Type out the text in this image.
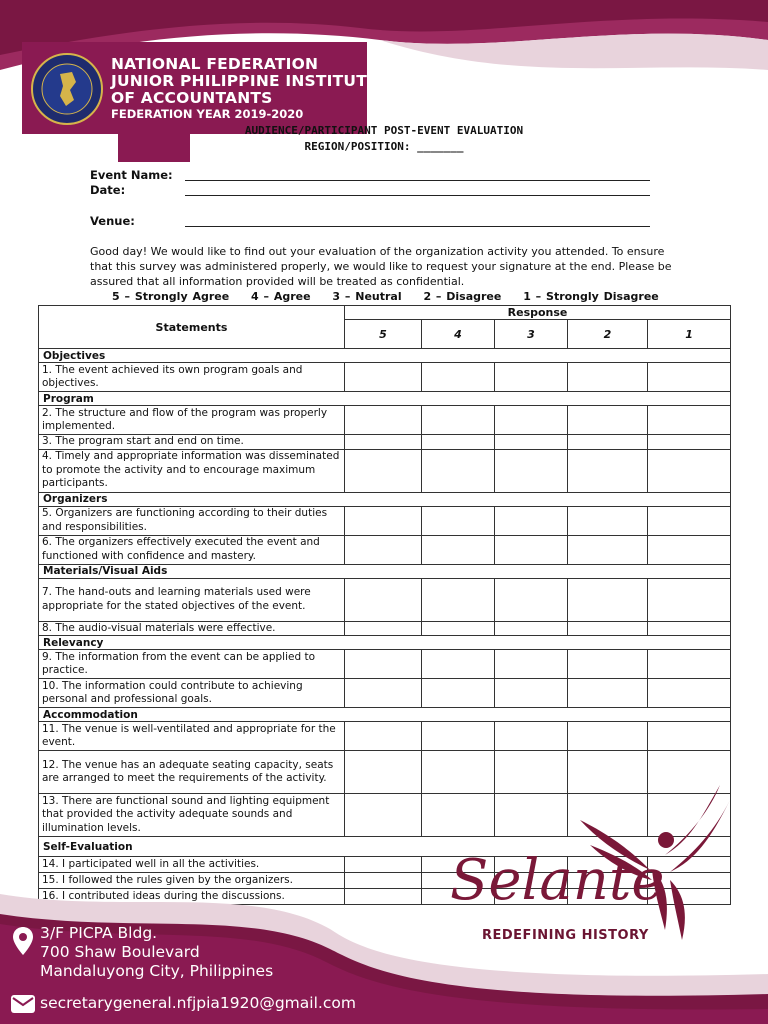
NATIONAL FEDERATION
JUNIOR PHILIPPINE INSTITUTE
OF ACCOUNTANTS
FEDERATION YEAR 2019-2020
AUDIENCE/PARTICIPANT POST-EVENT EVALUATION
REGION/POSITION: _______
Event Name:
Date:
Venue:
Good day! We would like to find out your evaluation of the organization activity you attended. To ensure that this survey was administered properly, we would like to request your signature at the end. Please be assured that all information provided will be treated as confidential.
5 – Strongly Agree 4 – Agree 3 – Neutral 2 – Disagree 1 – Strongly Disagree
Statements	Response				
	5	4	3	2	1
Objectives					
1. The event achieved its own program goals and objectives.					
Program					
2. The structure and flow of the program was properly implemented.					
3. The program start and end on time.					
4. Timely and appropriate information was disseminated to promote the activity and to encourage maximum participants.					
Organizers					
5. Organizers are functioning according to their duties and responsibilities.					
6. The organizers effectively executed the event and functioned with confidence and mastery.					
Materials/Visual Aids					
7. The hand-outs and learning materials used were appropriate for the stated objectives of the event.					
8. The audio-visual materials were effective.					
Relevancy					
9. The information from the event can be applied to practice.					
10. The information could contribute to achieving personal and professional goals.					
Accommodation					
11. The venue is well-ventilated and appropriate for the event.					
12. The venue has an adequate seating capacity, seats are arranged to meet the requirements of the activity.					
13. There are functional sound and lighting equipment that provided the activity adequate sounds and illumination levels.					
Self-Evaluation					
14. I participated well in all the activities.					
15. I followed the rules given by the organizers.					
16. I contributed ideas during the discussions.					
3/F PICPA Bldg.
700 Shaw Boulevard
Mandaluyong City, Philippines
secretarygeneral.nfjpia1920@gmail.com
Selante
REDEFINING HISTORY
